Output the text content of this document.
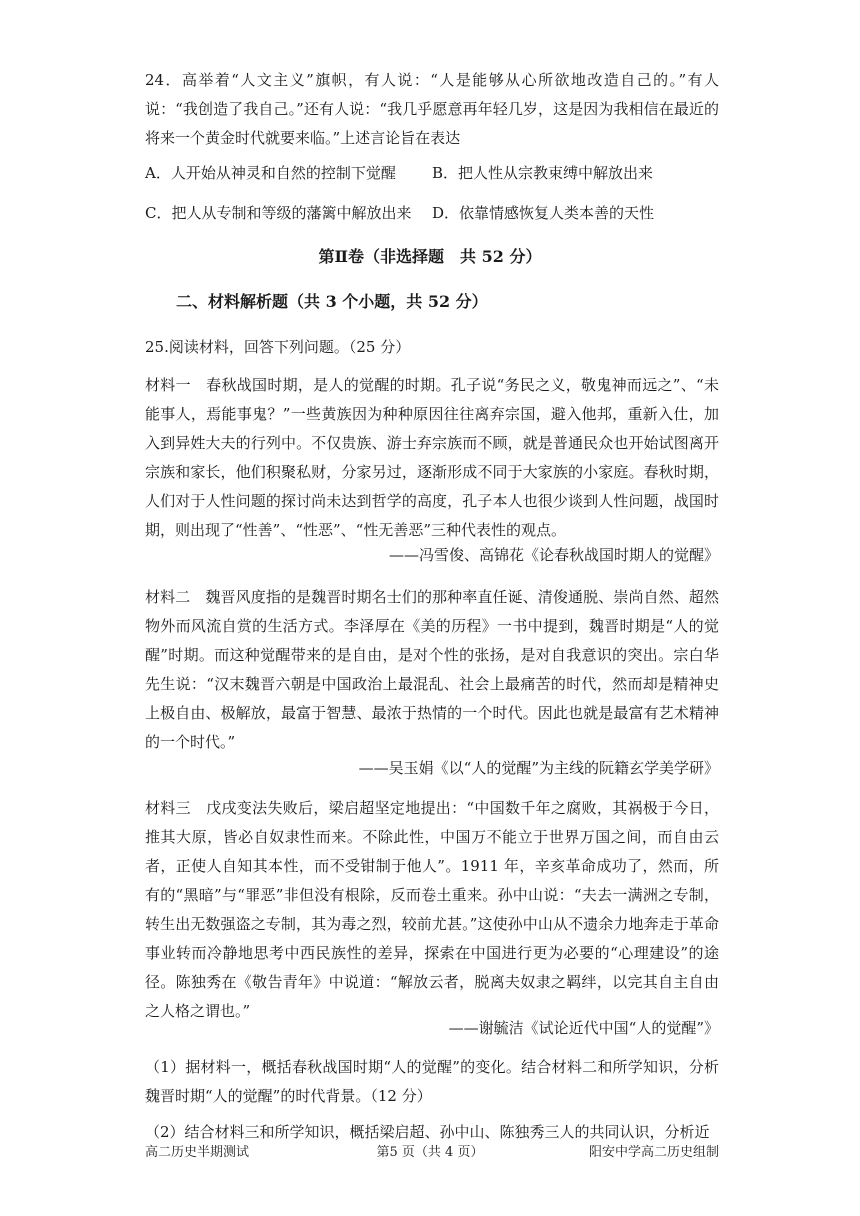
24．高举着“人文主义”旗帜，有人说：“人是能够从心所欲地改造自己的。”有人说：“我创造了我自己。”还有人说：“我几乎愿意再年轻几岁，这是因为我相信在最近的将来一个黄金时代就要来临。”上述言论旨在表达

A．人开始从神灵和自然的控制下觉醒 B．把人性从宗教束缚中解放出来
C．把人从专制和等级的藩篱中解放出来 D．依靠情感恢复人类本善的天性
第Ⅱ卷（非选择题　共 52 分）
二、材料解析题（共 3 个小题，共 52 分）
25.阅读材料，回答下列问题。（25 分）

材料一 春秋战国时期，是人的觉醒的时期。孔子说“务民之义，敬鬼神而远之”、“未能事人，焉能事鬼？”一些黄族因为种种原因往往离弃宗国，避入他邦，重新入仕，加入到异姓大夫的行列中。不仅贵族、游士弃宗族而不顾，就是普通民众也开始试图离开宗族和家长，他们积聚私财，分家另过，逐渐形成不同于大家族的小家庭。春秋时期，人们对于人性问题的探讨尚未达到哲学的高度，孔子本人也很少谈到人性问题，战国时期，则出现了“性善”、“性恶”、“性无善恶”三种代表性的观点。

——冯雪俊、高锦花《论春秋战国时期人的觉醒》

材料二 魏晋风度指的是魏晋时期名士们的那种率直任诞、清俊通脱、崇尚自然、超然物外而风流自赏的生活方式。李泽厚在《美的历程》一书中提到，魏晋时期是“人的觉醒”时期。而这种觉醒带来的是自由，是对个性的张扬，是对自我意识的突出。宗白华先生说：“汉末魏晋六朝是中国政治上最混乱、社会上最痛苦的时代，然而却是精神史上极自由、极解放，最富于智慧、最浓于热情的一个时代。因此也就是最富有艺术精神的一个时代。”

——吴玉娟《以“人的觉醒”为主线的阮籍玄学美学研》

材料三 戊戌变法失败后，梁启超坚定地提出：“中国数千年之腐败，其祸极于今日，推其大原，皆必自奴隶性而来。不除此性，中国万不能立于世界万国之间，而自由云者，正使人自知其本性，而不受钳制于他人”。1911 年，辛亥革命成功了，然而，所有的“黑暗”与“罪恶”非但没有根除，反而卷土重来。孙中山说：“夫去一满洲之专制，转生出无数强盗之专制，其为毒之烈，较前尤甚。”这使孙中山从不遗余力地奔走于革命事业转而冷静地思考中西民族性的差异，探索在中国进行更为必要的“心理建设”的途径。陈独秀在《敬告青年》中说道：“解放云者，脱离夫奴隶之羁绊，以完其自主自由之人格之谓也。”

——谢毓洁《试论近代中国“人的觉醒”》

（1）据材料一，概括春秋战国时期“人的觉醒”的变化。结合材料二和所学知识，分析魏晋时期“人的觉醒”的时代背景。（12 分）

（2）结合材料三和所学知识，概括梁启超、孙中山、陈独秀三人的共同认识，分析近

高二历史半期测试	第5 页（共 4 页）	阳安中学高二历史组制
